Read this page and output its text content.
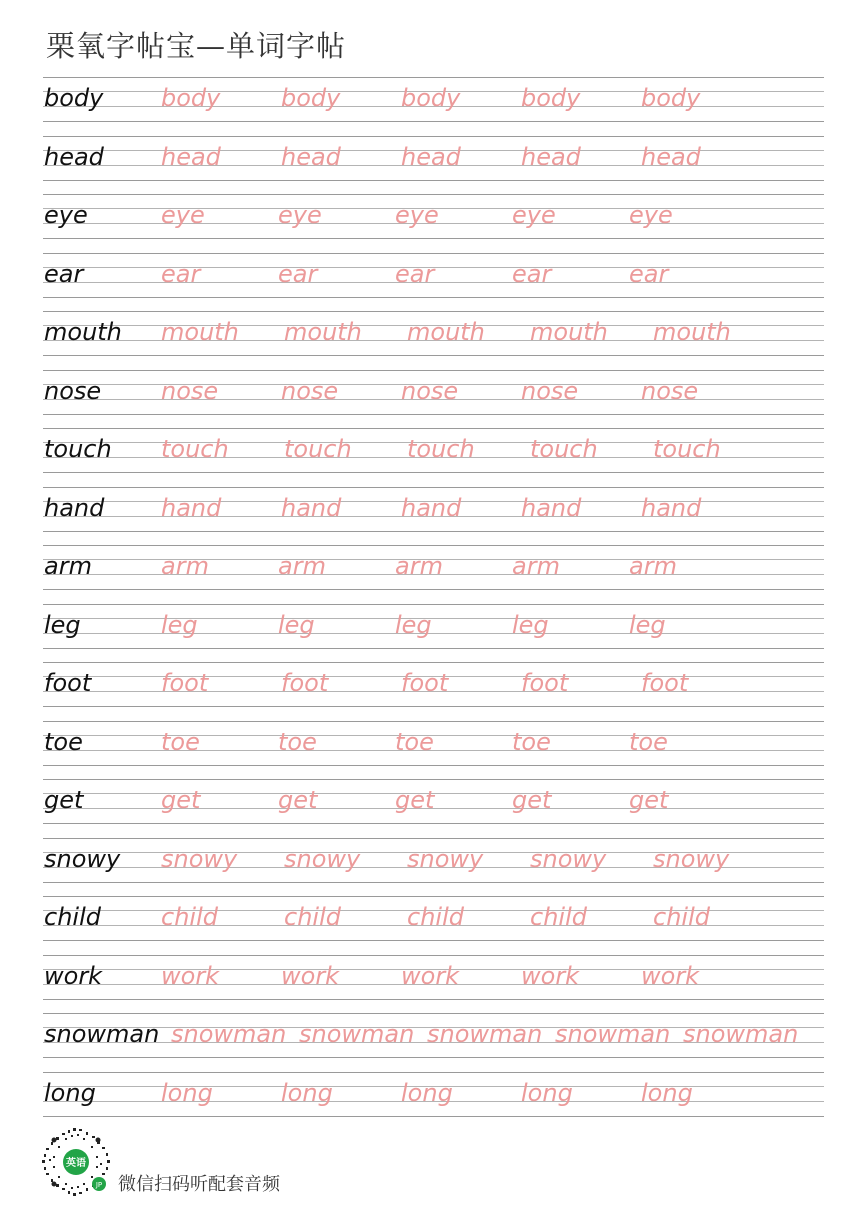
栗氧字帖宝—单词字帖
body body	body	body	body	body
head head	head	head	head	head
eye	eye	eye	eye	eye	eye
ear	ear	ear	ear	ear	ear
mouth mouth mouth mouth mouth mouth
nose nose	nose	nose	nose	nose
touch touch touch touch touch touch
hand hand hand hand hand hand
arm	arm	arm	arm	arm	arm
leg	leg	leg	leg	leg	leg
foot	foot	foot	foot	foot	foot
toe	toe	toe	toe	toe	toe
get	get	get	get	get	get
snowy snowy snowy snowy snowy snowy
child	child	child	child	child	child
work work	work	work	work	work
snowman snowman snowman snowman snowman snowman
long	long	long	long	long	long
英语
JP 微信扫码听配套音频
